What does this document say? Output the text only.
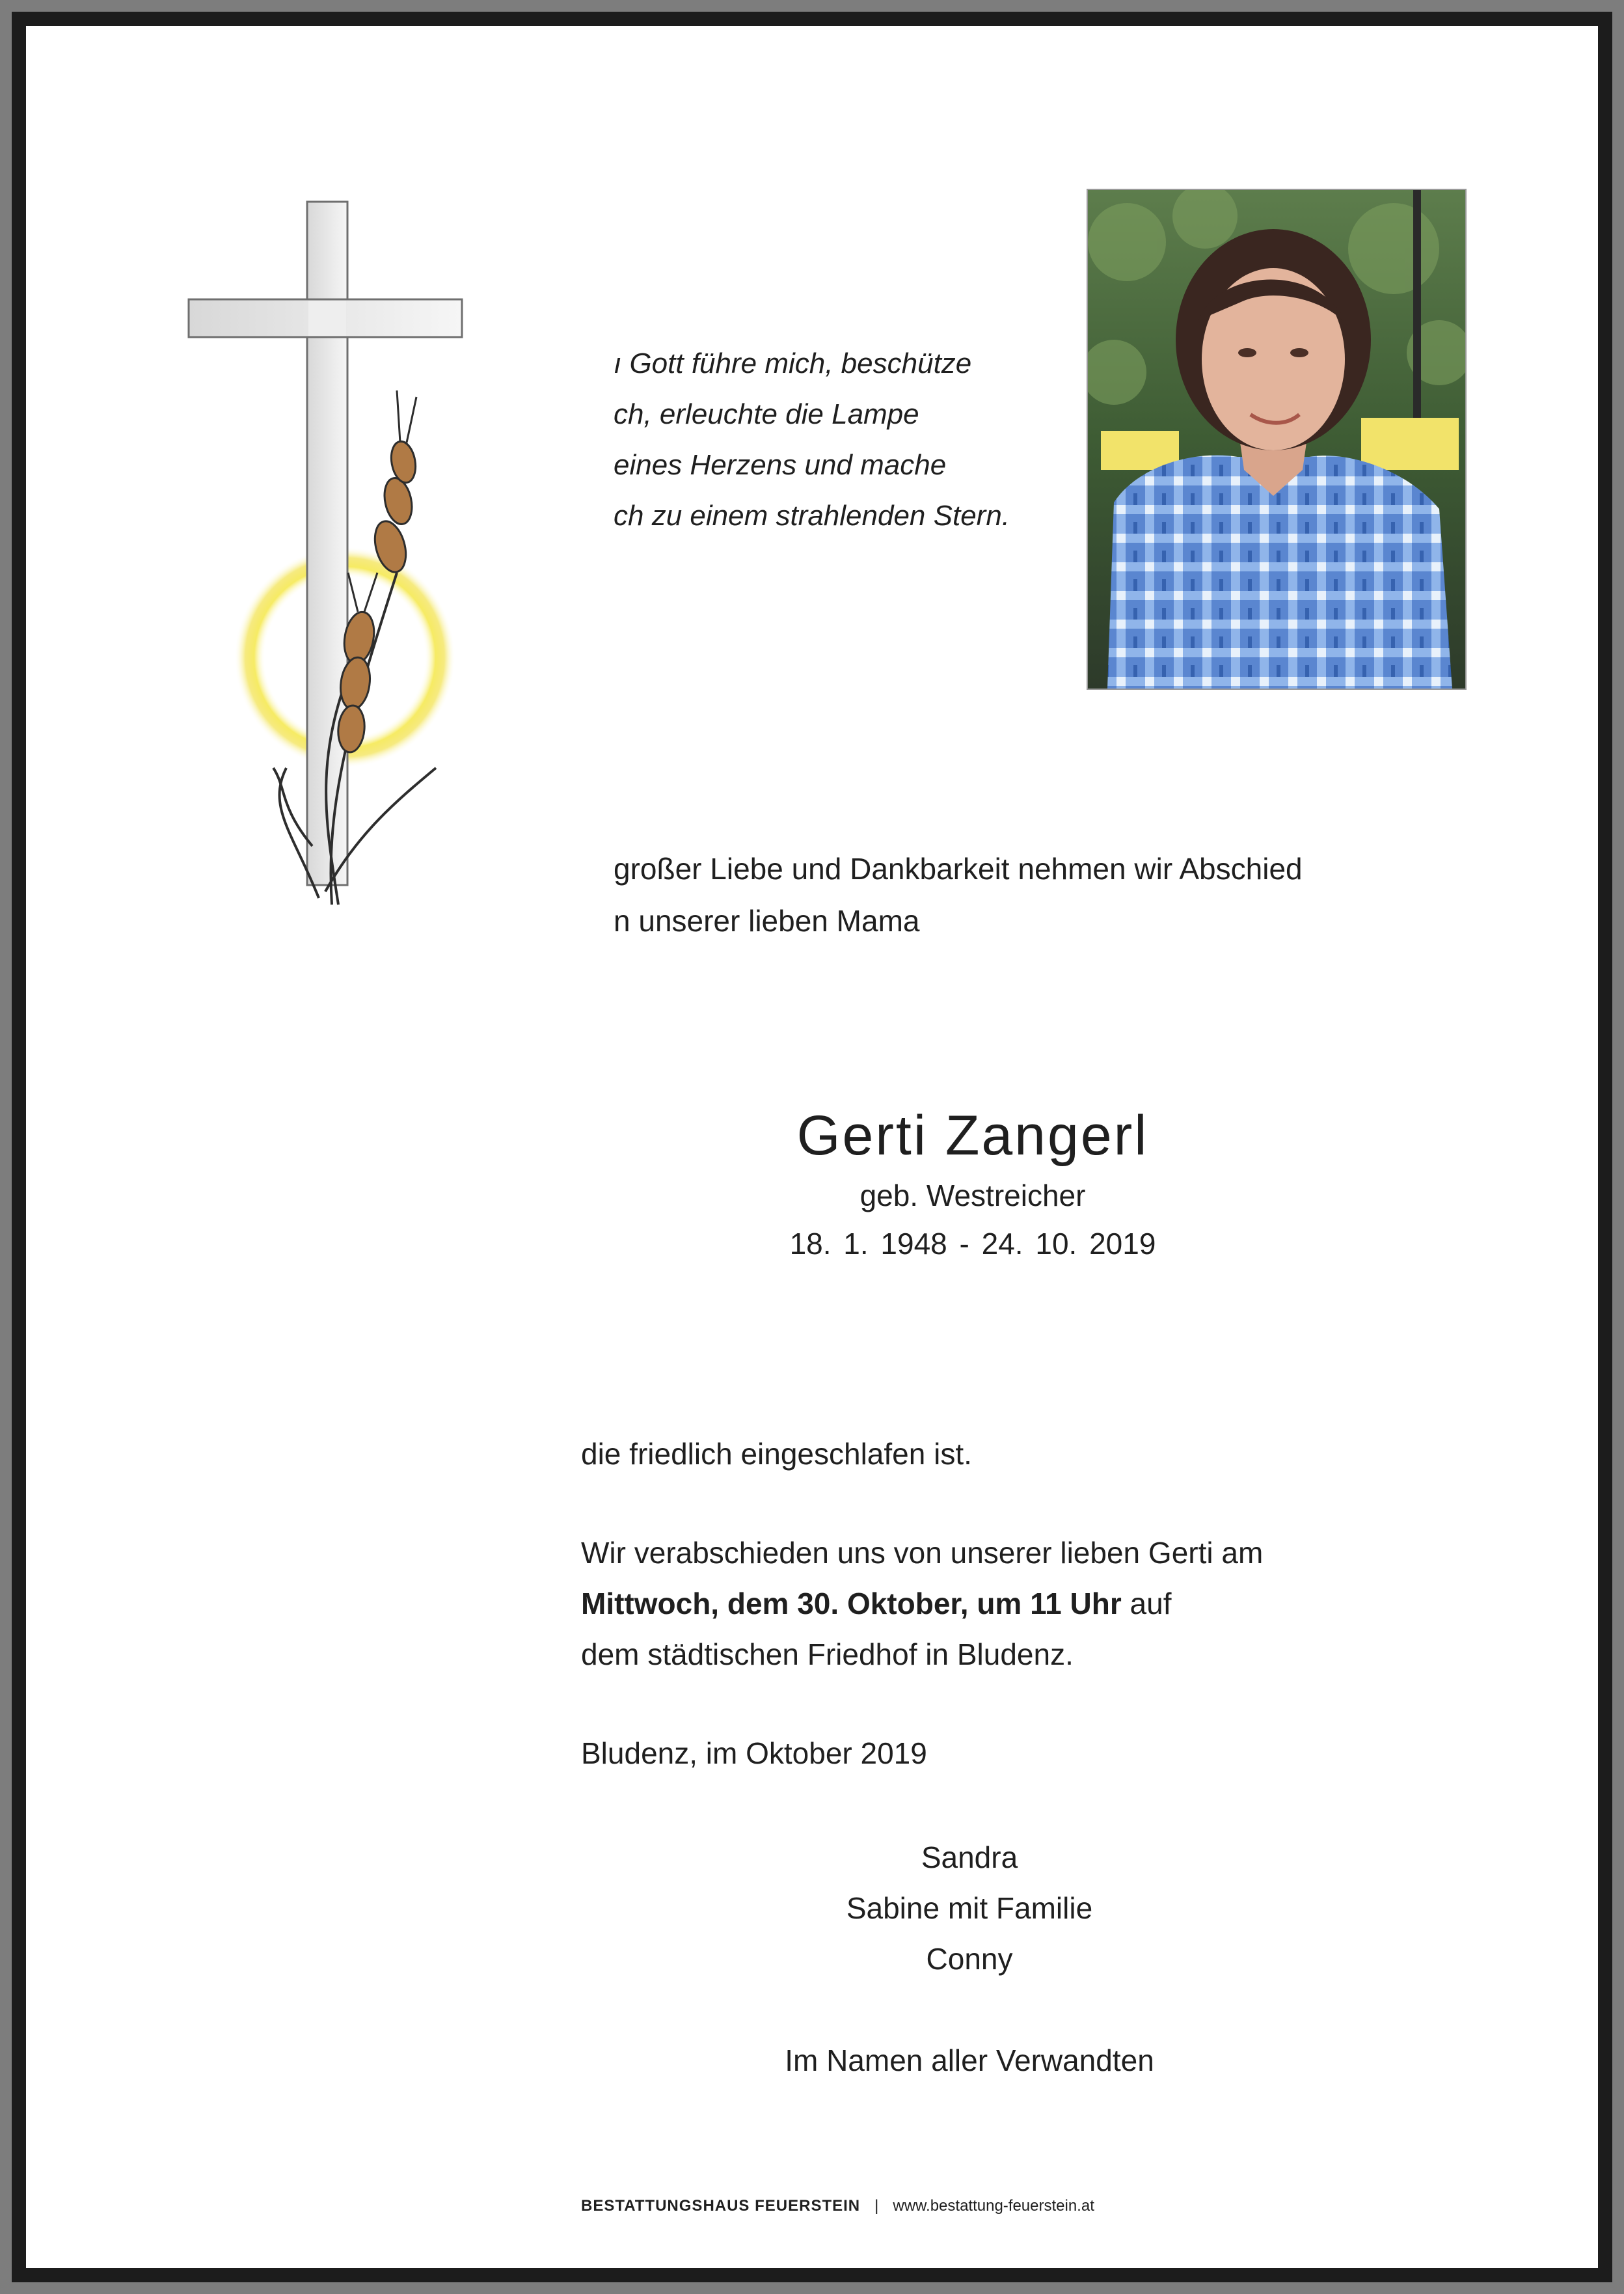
ı Gott führe mich, beschütze
ch, erleuchte die Lampe
eines Herzens und mache
ch zu einem strahlenden Stern.
großer Liebe und Dankbarkeit nehmen wir Abschied
n unserer lieben Mama
Gerti Zangerl
geb. Westreicher
18. 1. 1948 - 24. 10. 2019
die friedlich eingeschlafen ist.
Wir verabschieden uns von unserer lieben Gerti am
Mittwoch, dem 30. Oktober, um 11 Uhr auf
dem städtischen Friedhof in Bludenz.
Bludenz, im Oktober 2019
Sandra
Sabine mit Familie
Conny
Im Namen aller Verwandten
BESTATTUNGSHAUS FEUERSTEIN | www.bestattung-feuerstein.at
